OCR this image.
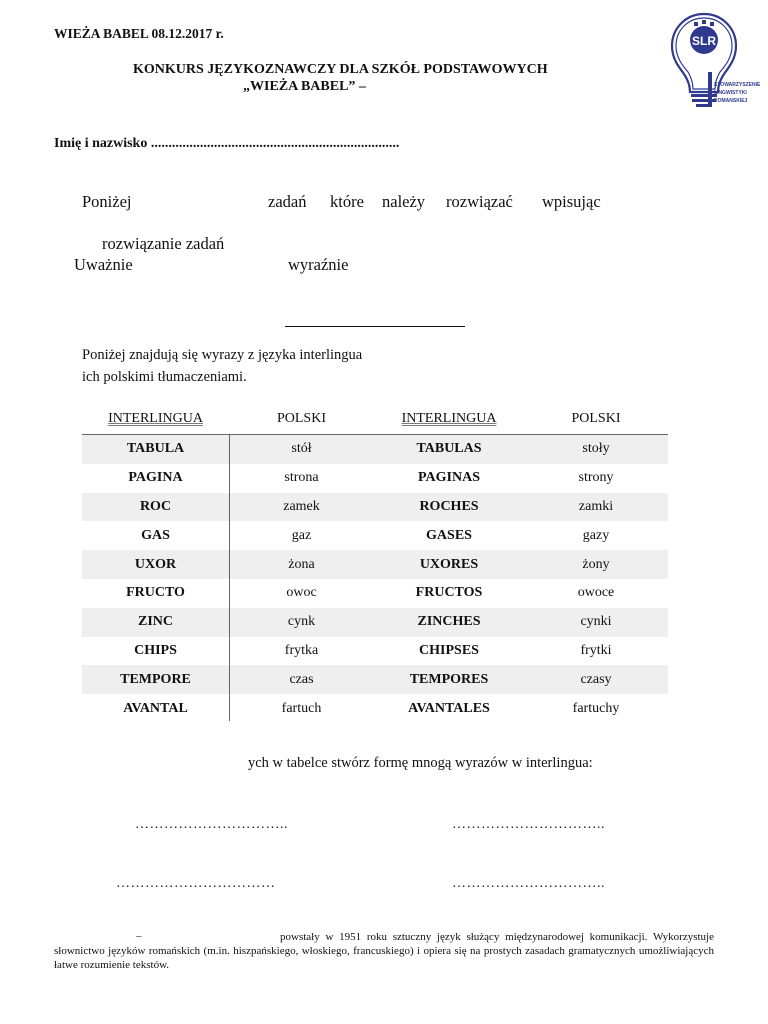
WIEŻA BABEL 08.12.2017 r.
KONKURS JĘZYKOZNAWCZY DLA SZKÓŁ PODSTAWOWYCH
„WIEŻA BABEL” –
SLR
STOWARZYSZENIE
LINGWISTYKI
ROMANSKIEJ
Imię i nazwisko .......................................................................
Poniżej	zadań które należy rozwiązać wpisując
rozwiązanie zadań
Uważnie	wyraźnie
Poniżej znajdują się wyrazy z języka interlingua
ich polskimi tłumaczeniami.
INTERLINGUA	POLSKI	INTERLINGUA	POLSKI
TABULA	stół	TABULAS	stoły
PAGINA	strona	PAGINAS	strony
ROC	zamek	ROCHES	zamki
GAS	gaz	GASES	gazy
UXOR	żona	UXORES	żony
FRUCTO	owoc	FRUCTOS	owoce
ZINC	cynk	ZINCHES	cynki
CHIPS	frytka	CHIPSES	frytki
TEMPORE	czas	TEMPORES	czasy
AVANTAL	fartuch	AVANTALES	fartuchy
ych w tabelce stwórz formę mnogą wyrazów w interlingua:
…………………………..	…………………………..
……………………………	…………………………..
–	powstały w 1951 roku sztuczny język służący międzynarodowej komunikacji. Wykorzystuje słownictwo języków romańskich (m.in. hiszpańskiego, włoskiego, francuskiego) i opiera się na prostych zasadach gramatycznych umożliwiających łatwe rozumienie tekstów.
